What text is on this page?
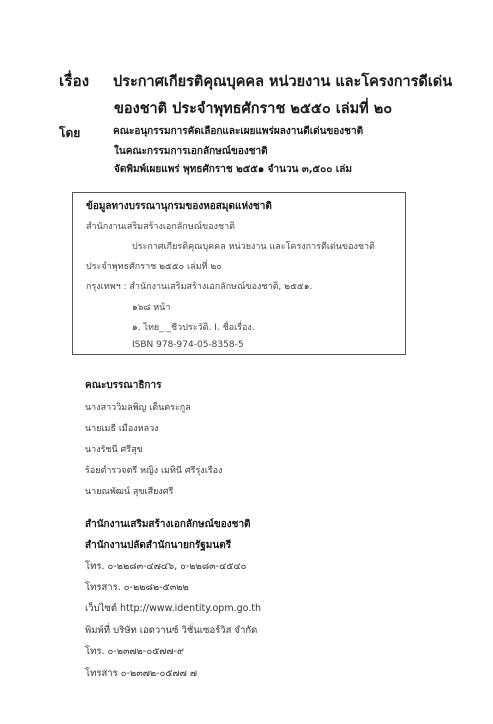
เรื่อง ประกาศเกียรติคุณบุคคล หน่วยงาน และโครงการดีเด่น
ของชาติ ประจำพุทธศักราช ๒๕๕๐ เล่มที่ ๒๐
โดย	คณะอนุกรรมการคัดเลือกและเผยแพร่ผลงานดีเด่นของชาติ
ในคณะกรรมการเอกลักษณ์ของชาติ
จัดพิมพ์เผยแพร่ พุทธศักราช ๒๕๕๑ จำนวน ๓,๕๐๐ เล่ม
ข้อมูลทางบรรณานุกรมของหอสมุดแห่งชาติ
สำนักงานเสริมสร้างเอกลักษณ์ของชาติ
ประกาศเกียรติคุณบุคคล หน่วยงาน และโครงการดีเด่นของชาติ
ประจำพุทธศักราช ๒๕๕๐ เล่มที่ ๒๐
กรุงเทพฯ : สำนักงานเสริมสร้างเอกลักษณ์ของชาติ, ๒๕๕๑.
๑๖๘ หน้า
๑. ไทย_ _ชีวประวัติ. I. ชื่อเรื่อง.
ISBN 978-974-05-8358-5
คณะบรรณาธิการ
นางสาววิมลพิญ เต็นตระกูล
นายเมธี เมืองหลวง
นางรัชนี ศรีสุข
ร้อยตำรวจตรี หญิง เมทินี ศรีรุ่งเรือง
นายณพัฒน์ สุขเสียงศรี
สำนักงานเสริมสร้างเอกลักษณ์ของชาติ
สำนักงานปลัดสำนักนายกรัฐมนตรี
โทร. ๐-๒๒๘๓-๔๗๔๖, ๐-๒๒๘๓-๔๕๔๐
โทรสาร. ๐-๒๒๘๒-๕๓๒๒
เว็บไซต์ http://www.identity.opm.go.th
พิมพ์ที่ บริษัท เอดวานซ์ วิชั่นเซอร์วิส จำกัด
โทร. ๐-๒๓๗๒-๐๕๗๗-๙
โทรสาร ๐-๒๓๗๒-๐๕๗๗ ๗
